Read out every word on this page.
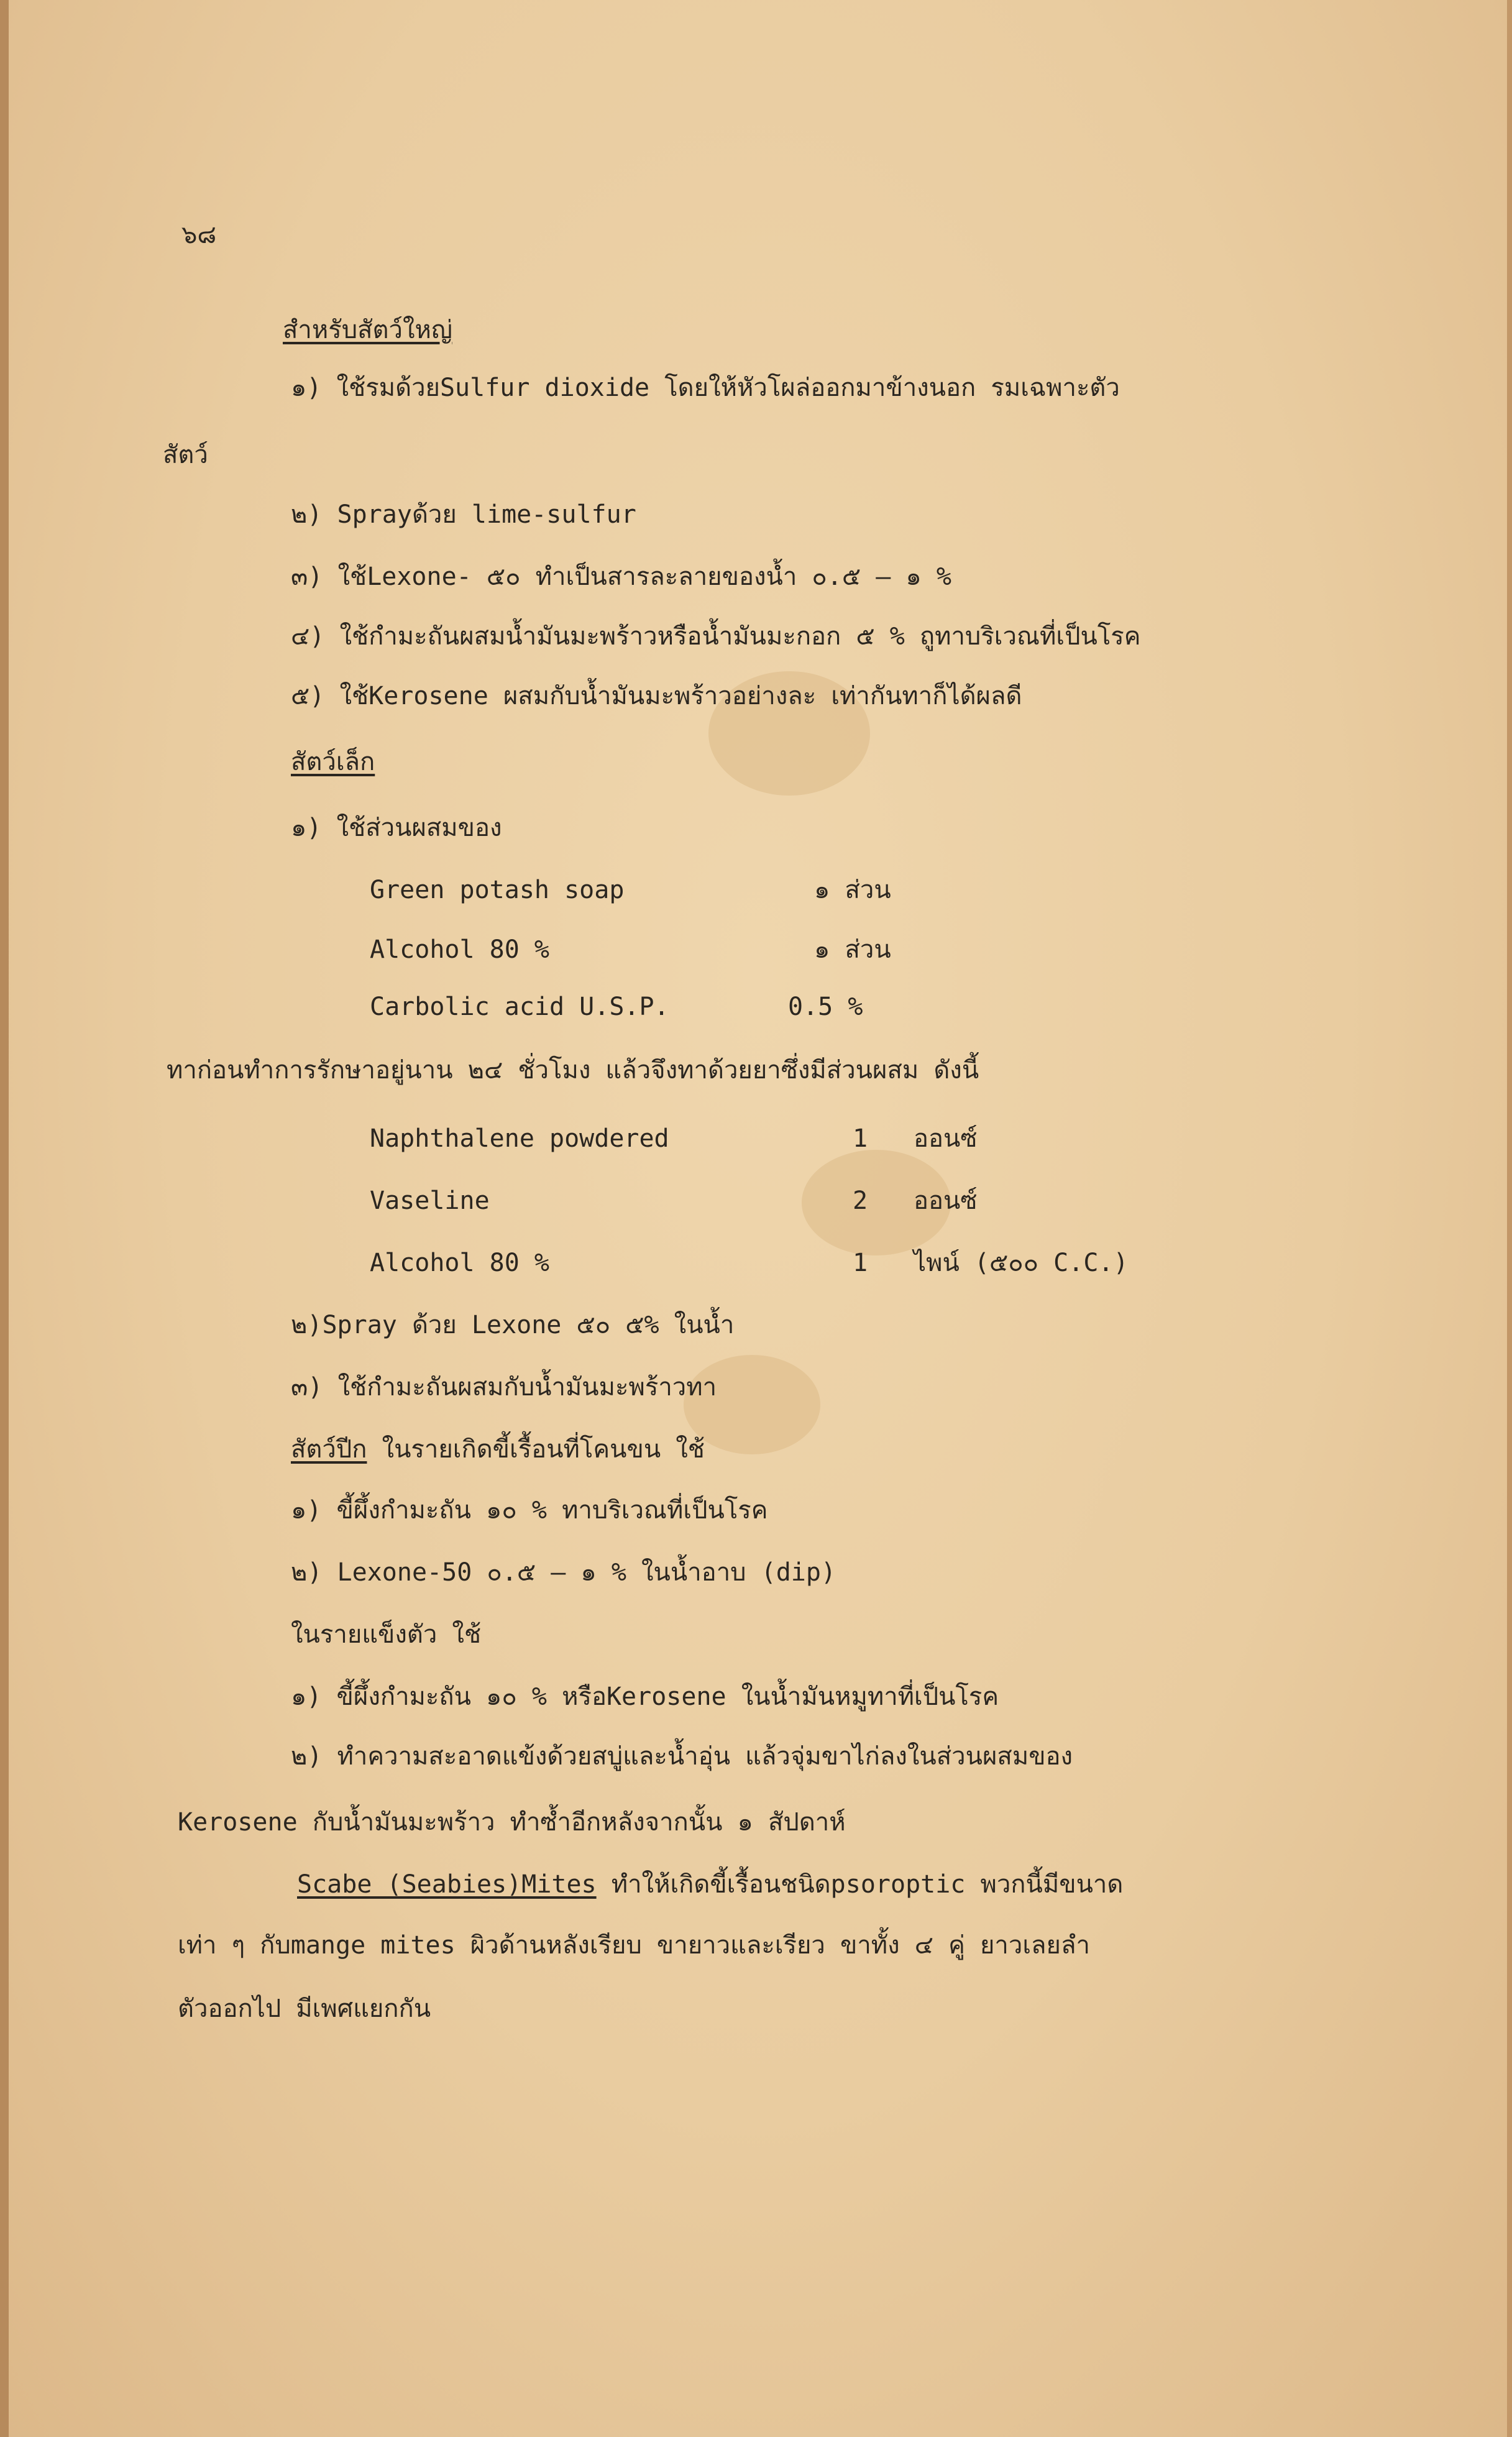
๖๘
สำหรับสัตว์ใหญ่
๑) ใช้รมด้วยSulfur dioxide โดยให้หัวโผล่ออกมาข้างนอก รมเฉพาะตัว
สัตว์
๒) Sprayด้วย lime-sulfur
๓) ใช้Lexone- ๕๐ ทำเป็นสารละลายของน้ำ ๐.๕ – ๑ %
๔) ใช้กำมะถันผสมน้ำมันมะพร้าวหรือน้ำมันมะกอก ๕ % ถูทาบริเวณที่เป็นโรค
๕) ใช้Kerosene ผสมกับน้ำมันมะพร้าวอย่างละ เท่ากันทาก็ได้ผลดี
สัตว์เล็ก
๑) ใช้ส่วนผสมของ
Green potash soap	๑ ส่วน
Alcohol 80 %	๑ ส่วน
Carbolic acid U.S.P.	0.5 %
ทาก่อนทำการรักษาอยู่นาน ๒๔ ชั่วโมง แล้วจึงทาด้วยยาซึ่งมีส่วนผสม ดังนี้
Naphthalene powdered	1 ออนซ์
Vaseline	2 ออนซ์
Alcohol 80 %	1 ไพน์ (๕๐๐ C.C.)
๒)Spray ด้วย Lexone ๕๐ ๕% ในน้ำ
๓) ใช้กำมะถันผสมกับน้ำมันมะพร้าวทา
สัตว์ปีก ในรายเกิดขี้เรื้อนที่โคนขน ใช้
๑) ขี้ผึ้งกำมะถัน ๑๐ % ทาบริเวณที่เป็นโรค
๒) Lexone-50 ๐.๕ – ๑ % ในน้ำอาบ (dip)
ในรายแข็งตัว ใช้
๑) ขี้ผึ้งกำมะถัน ๑๐ % หรือKerosene ในน้ำมันหมูทาที่เป็นโรค
๒) ทำความสะอาดแข้งด้วยสบู่และน้ำอุ่น แล้วจุ่มขาไก่ลงในส่วนผสมของ
Kerosene กับน้ำมันมะพร้าว ทำซ้ำอีกหลังจากนั้น ๑ สัปดาห์
Scabe (Seabies)Mites ทำให้เกิดขี้เรื้อนชนิดpsoroptic พวกนี้มีขนาด
เท่า ๆ กับmange mites ผิวด้านหลังเรียบ ขายาวและเรียว ขาทั้ง ๔ คู่ ยาวเลยลำ
ตัวออกไป มีเพศแยกกัน
